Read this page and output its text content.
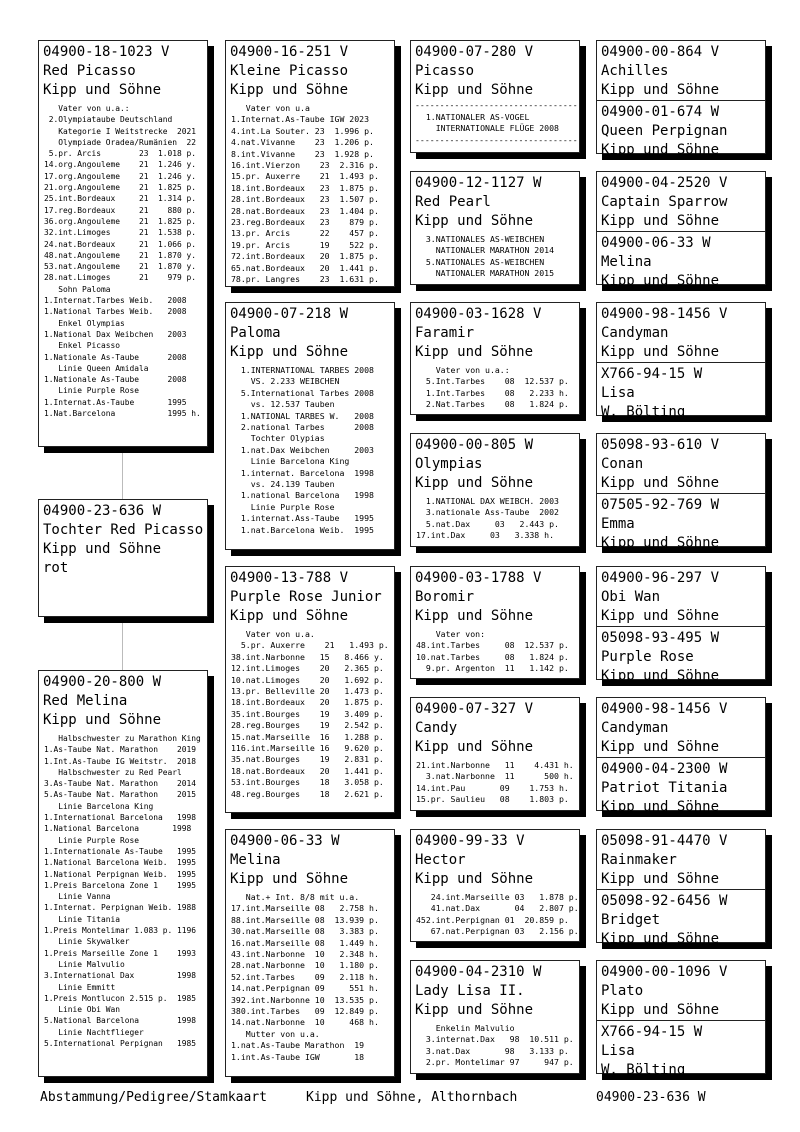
04900-18-1023 V
Red Picasso
Kipp und Söhne
Vater von u.a.:
2.Olympiataube Deutschland
Kategorie I Weitstrecke  2021
Olympiade Oradea/Rumänien  22
5.pr. Arcis        23  1.018 p.
14.org.Angouleme    21  1.246 y.
17.org.Angouleme    21  1.246 y.
21.org.Angouleme    21  1.825 p.
25.int.Bordeaux     21  1.314 p.
17.reg.Bordeaux     21    880 p.
36.org.Angouleme    21  1.825 p.
32.int.Limoges      21  1.538 p.
24.nat.Bordeaux     21  1.066 p.
48.nat.Angouleme    21  1.870 y.
53.nat.Angouleme    21  1.870 y.
28.nat.Limoges      21    979 p.
Sohn Paloma
1.Internat.Tarbes Weib.   2008
1.National Tarbes Weib.   2008
Enkel Olympias
1.National Dax Weibchen   2003
Enkel Picasso
1.Nationale As-Taube      2008
Linie Queen Amidala
1.Nationale As-Taube      2008
Linie Purple Rose
1.Internat.As-Taube       1995
1.Nat.Barcelona           1995 h.
04900-23-636 W
Tochter Red Picasso
Kipp und Söhne
rot
04900-20-800 W
Red Melina
Kipp und Söhne
Halbschwester zu Marathon King
1.As-Taube Nat. Marathon    2019
1.Int.As-Taube IG Weitstr.  2018
Halbschwester zu Red Pearl
3.As-Taube Nat. Marathon    2014
5.As-Taube Nat. Marathon    2015
Linie Barcelona King
1.International Barcelona   1998
1.National Barcelona       1998
Linie Purple Rose
1.Internationale As-Taube   1995
1.National Barcelona Weib.  1995
1.National Perpignan Weib.  1995
1.Preis Barcelona Zone 1    1995
Linie Vanna
1.Internat. Perpignan Weib. 1988
Linie Titania
1.Preis Montelimar 1.083 p. 1196
Linie Skywalker
1.Preis Marseille Zone 1    1993
Linie Malvulio
3.International Dax         1998
Linie Emmitt
1.Preis Montlucon 2.515 p.  1985
Linie Obi Wan
5.National Barcelona        1998
Linie Nachtflieger
5.International Perpignan   1985
04900-16-251 V
Kleine Picasso
Kipp und Söhne
Vater von u.a
1.Internat.As-Taube IGW 2023
4.int.La Souter. 23  1.996 p.
4.nat.Vivanne    23  1.206 p.
8.int.Vivanne    23  1.928 p.
16.int.Vierzon    23  2.316 p.
15.pr. Auxerre    21  1.493 p.
18.int.Bordeaux   23  1.875 p.
28.int.Bordeaux   23  1.507 p.
28.nat.Bordeaux   23  1.404 p.
23.reg.Bordeaux   23    879 p.
13.pr. Arcis      22    457 p.
19.pr. Arcis      19    522 p.
72.int.Bordeaux   20  1.875 p.
65.nat.Bordeaux   20  1.441 p.
78.pr. Langres    23  1.631 p.
04900-07-218 W
Paloma
Kipp und Söhne
1.INTERNATIONAL TARBES 2008
VS. 2.233 WEIBCHEN
5.International Tarbes 2008
vs. 12.537 Tauben
1.NATIONAL TARBES W.   2008
2.national Tarbes      2008
Tochter Olypias
1.nat.Dax Weibchen     2003
Linie Barcelona King
1.internat. Barcelona  1998
vs. 24.139 Tauben
1.national Barcelona   1998
Linie Purple Rose
1.internat.Ass-Taube   1995
1.nat.Barcelona Weib.  1995
04900-13-788 V
Purple Rose Junior
Kipp und Söhne
Vater von u.a.
5.pr. Auxerre    21   1.493 p.
38.int.Narbonne   15   8.466 y.
12.int.Limoges    20   2.365 p.
10.nat.Limoges    20   1.692 p.
13.pr. Belleville 20   1.473 p.
18.int.Bordeaux   20   1.875 p.
35.int.Bourges    19   3.409 p.
28.reg.Bourges    19   2.542 p.
15.nat.Marseille  16   1.288 p.
116.int.Marseille 16   9.620 p.
35.nat.Bourges    19   2.831 p.
18.nat.Bordeaux   20   1.441 p.
53.int.Bourges    18   3.058 p.
48.reg.Bourges    18   2.621 p.
04900-06-33 W
Melina
Kipp und Söhne
Nat.+ Int. 8/8 mit u.a.
17.int.Marseille 08   2.758 h.
88.int.Marseille 08  13.939 p.
30.nat.Marseille 08   3.383 p.
16.nat.Marseille 08   1.449 h.
43.int.Narbonne  10   2.348 h.
28.nat.Narbonne  10   1.180 p.
52.int.Tarbes    09   2.118 h.
14.nat.Perpignan 09     551 h.
392.int.Narbonne 10  13.535 p.
380.int.Tarbes   09  12.849 p.
14.nat.Narbonne  10     468 h.
Mutter von u.a.
1.nat.As-Taube Marathon  19
1.int.As-Taube IGW       18
04900-07-280 V
Picasso
Kipp und Söhne
---------------------------------
1.NATIONALER AS-VOGEL
INTERNATIONALE FLÜGE 2008
---------------------------------
04900-12-1127 W
Red Pearl
Kipp und Söhne
3.NATIONALES AS-WEIBCHEN
NATIONALER MARATHON 2014
5.NATIONALES AS-WEIBCHEN
NATIONALER MARATHON 2015
04900-03-1628 V
Faramir
Kipp und Söhne
Vater von u.a.:
5.Int.Tarbes    08  12.537 p.
1.Int.Tarbes    08   2.233 h.
2.Nat.Tarbes    08   1.824 p.
04900-00-805 W
Olympias
Kipp und Söhne
1.NATIONAL DAX WEIBCH. 2003
3.nationale Ass-Taube  2002
5.nat.Dax     03   2.443 p.
17.int.Dax     03   3.338 h.
04900-03-1788 V
Boromir
Kipp und Söhne
Vater von:
48.int.Tarbes     08  12.537 p.
10.nat.Tarbes     08   1.824 p.
9.pr. Argenton  11   1.142 p.
04900-07-327 V
Candy
Kipp und Söhne
21.int.Narbonne   11    4.431 h.
3.nat.Narbonne  11      500 h.
14.int.Pau       09    1.753 h.
15.pr. Saulieu   08    1.803 p.
04900-99-33 V
Hector
Kipp und Söhne
24.int.Marseille 03   1.878 p.
41.nat.Dax       04   2.807 p.
452.int.Perpignan 01  20.859 p.
67.nat.Perpignan 03   2.156 p.
04900-04-2310 W
Lady Lisa II.
Kipp und Söhne
Enkelin Malvulio
3.internat.Dax   98  10.511 p.
3.nat.Dax       98   3.133 p.
2.pr. Montelimar 97     947 p.
04900-00-864 V
Achilles
Kipp und Söhne
04900-01-674 W
Queen Perpignan
Kipp und Söhne
04900-04-2520 V
Captain Sparrow
Kipp und Söhne
04900-06-33 W
Melina
Kipp und Söhne
04900-98-1456 V
Candyman
Kipp und Söhne
X766-94-15 W
Lisa
W. Bölting
05098-93-610 V
Conan
Kipp und Söhne
07505-92-769 W
Emma
Kipp und Söhne
04900-96-297 V
Obi Wan
Kipp und Söhne
05098-93-495 W
Purple Rose
Kipp und Söhne
04900-98-1456 V
Candyman
Kipp und Söhne
04900-04-2300 W
Patriot Titania
Kipp und Söhne
05098-91-4470 V
Rainmaker
Kipp und Söhne
05098-92-6456 W
Bridget
Kipp und Söhne
04900-00-1096 V
Plato
Kipp und Söhne
X766-94-15 W
Lisa
W. Bölting
Abstammung/Pedigree/Stamkaart	Kipp und Söhne, Althornbach	04900-23-636 W
